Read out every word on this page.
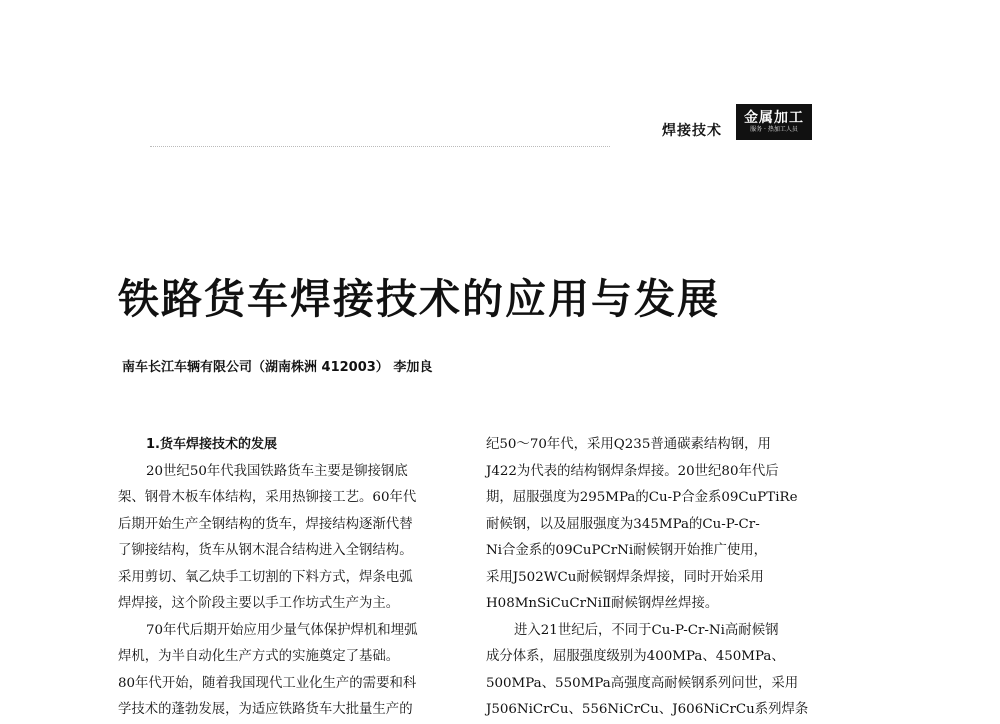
焊接技术
金属加工
服务 · 热加工人员
铁路货车焊接技术的应用与发展
南车长江车辆有限公司（湖南株洲 412003） 李加良

1.货车焊接技术的发展

20世纪50年代我国铁路货车主要是铆接钢底

架、钢骨木板车体结构，采用热铆接工艺。60年代

后期开始生产全钢结构的货车，焊接结构逐渐代替

了铆接结构，货车从钢木混合结构进入全钢结构。

采用剪切、氧乙炔手工切割的下料方式，焊条电弧

焊焊接，这个阶段主要以手工作坊式生产为主。

70年代后期开始应用少量气体保护焊机和埋弧

焊机，为半自动化生产方式的实施奠定了基础。

80年代开始，随着我国现代工业化生产的需要和科

学技术的蓬勃发展，为适应铁路货车大批量生产的

纪50～70年代，采用Q235普通碳素结构钢，用

J422为代表的结构钢焊条焊接。20世纪80年代后

期，屈服强度为295MPa的Cu-P合金系09CuPTiRe

耐候钢，以及屈服强度为345MPa的Cu-P-Cr-

Ni合金系的09CuPCrNi耐候钢开始推广使用，

采用J502WCu耐候钢焊条焊接，同时开始采用

H08MnSiCuCrNiⅡ耐候钢焊丝焊接。

进入21世纪后，不同于Cu-P-Cr-Ni高耐候钢

成分体系，屈服强度级别为400MPa、450MPa、

500MPa、550MPa高强度高耐候钢系列问世，采用

J506NiCrCu、556NiCrCu、J606NiCrCu系列焊条
